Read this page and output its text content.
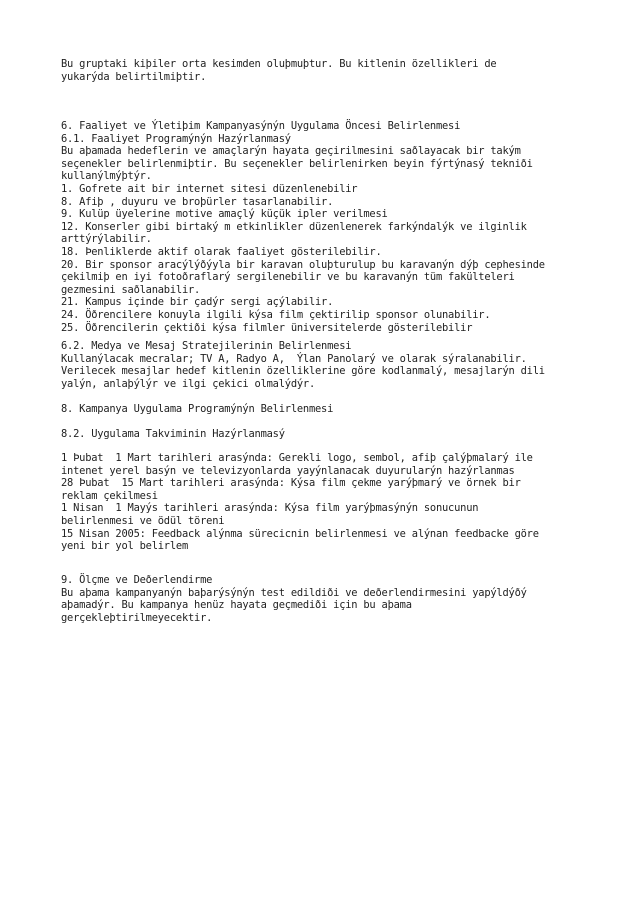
Bu gruptaki kiþiler orta kesimden oluþmuþtur. Bu kitlenin özellikleri de
yukarýda belirtilmiþtir.
6. Faaliyet ve Ýletiþim Kampanyasýnýn Uygulama Öncesi Belirlenmesi
6.1. Faaliyet Programýnýn Hazýrlanmasý
Bu aþamada hedeflerin ve amaçlarýn hayata geçirilmesini saðlayacak bir takým
seçenekler belirlenmiþtir. Bu seçenekler belirlenirken beyin fýrtýnasý tekniði
kullanýlmýþtýr.
1. Gofrete ait bir internet sitesi düzenlenebilir
8. Afiþ , duyuru ve broþürler tasarlanabilir.
9. Kulüp üyelerine motive amaçlý küçük ipler verilmesi
12. Konserler gibi birtaký m etkinlikler düzenlenerek farkýndalýk ve ilginlik
arttýrýlabilir.
18. Þenliklerde aktif olarak faaliyet gösterilebilir.
20. Bir sponsor aracýlýðýyla bir karavan oluþturulup bu karavanýn dýþ cephesinde
çekilmiþ en iyi fotoðraflarý sergilenebilir ve bu karavanýn tüm fakülteleri
gezmesini saðlanabilir.
21. Kampus içinde bir çadýr sergi açýlabilir.
24. Öðrencilere konuyla ilgili kýsa film çektirilip sponsor olunabilir.
25. Öðrencilerin çektiði kýsa filmler üniversitelerde gösterilebilir
6.2. Medya ve Mesaj Stratejilerinin Belirlenmesi
Kullanýlacak mecralar; TV A, Radyo A,  Ýlan Panolarý ve olarak sýralanabilir.
Verilecek mesajlar hedef kitlenin özelliklerine göre kodlanmalý, mesajlarýn dili
yalýn, anlaþýlýr ve ilgi çekici olmalýdýr.
8. Kampanya Uygulama Programýnýn Belirlenmesi
8.2. Uygulama Takviminin Hazýrlanmasý
1 Þubat  1 Mart tarihleri arasýnda: Gerekli logo, sembol, afiþ çalýþmalarý ile
intenet yerel basýn ve televizyonlarda yayýnlanacak duyurularýn hazýrlanmas
28 Þubat  15 Mart tarihleri arasýnda: Kýsa film çekme yarýþmarý ve örnek bir
reklam çekilmesi
1 Nisan  1 Mayýs tarihleri arasýnda: Kýsa film yarýþmasýnýn sonucunun
belirlenmesi ve ödül töreni
15 Nisan 2005: Feedback alýnma sürecicnin belirlenmesi ve alýnan feedbacke göre
yeni bir yol belirlem
9. Ölçme ve Deðerlendirme
Bu aþama kampanyanýn baþarýsýnýn test edildiði ve deðerlendirmesini yapýldýðý
aþamadýr. Bu kampanya henüz hayata geçmediði için bu aþama
gerçekleþtirilmeyecektir.
